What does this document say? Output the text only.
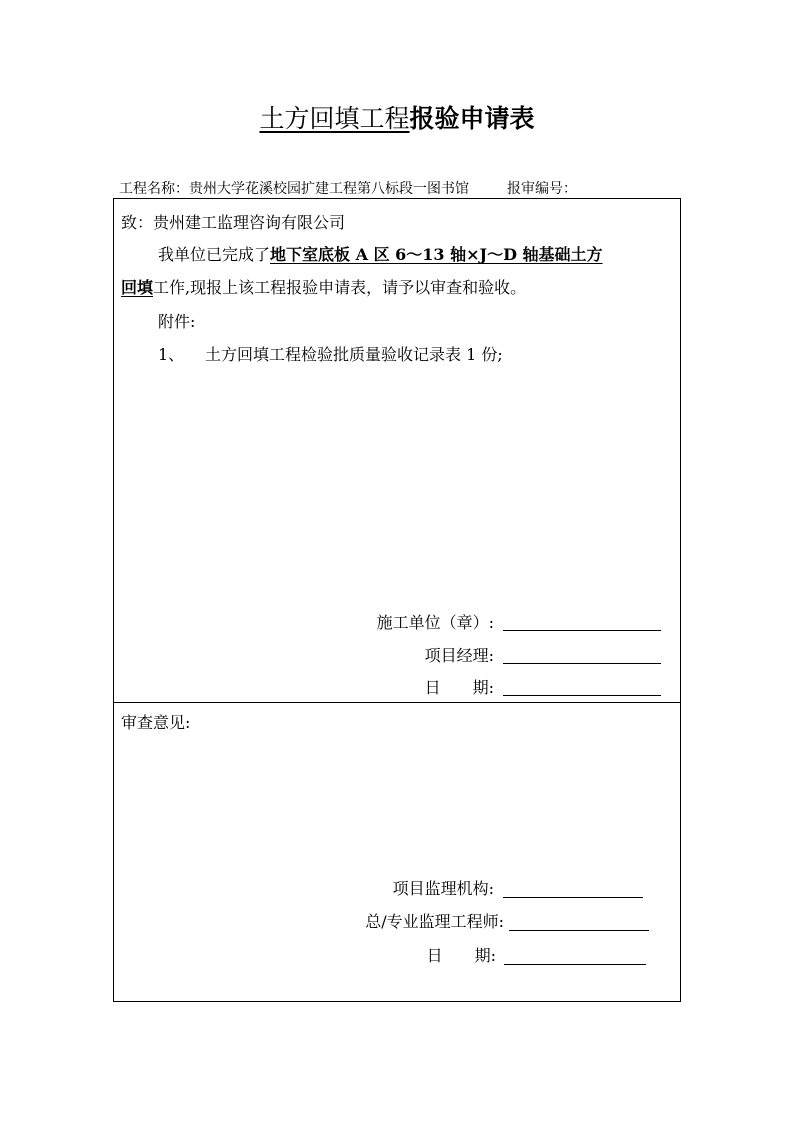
土方回填工程报验申请表
工程名称：贵州大学花溪校园扩建工程第八标段一图书馆	报审编号：
致：贵州建工监理咨询有限公司
我单位已完成了地下室底板 A 区 6～13 轴×J～D 轴基础土方
回填工作,现报上该工程报验申请表，请予以审查和验收。
附件:
1、 土方回填工程检验批质量验收记录表 1 份;
施工单位（章）:
项目经理:
日　　期:
审查意见:
项目监理机构:
总/专业监理工程师:
日　　期:
